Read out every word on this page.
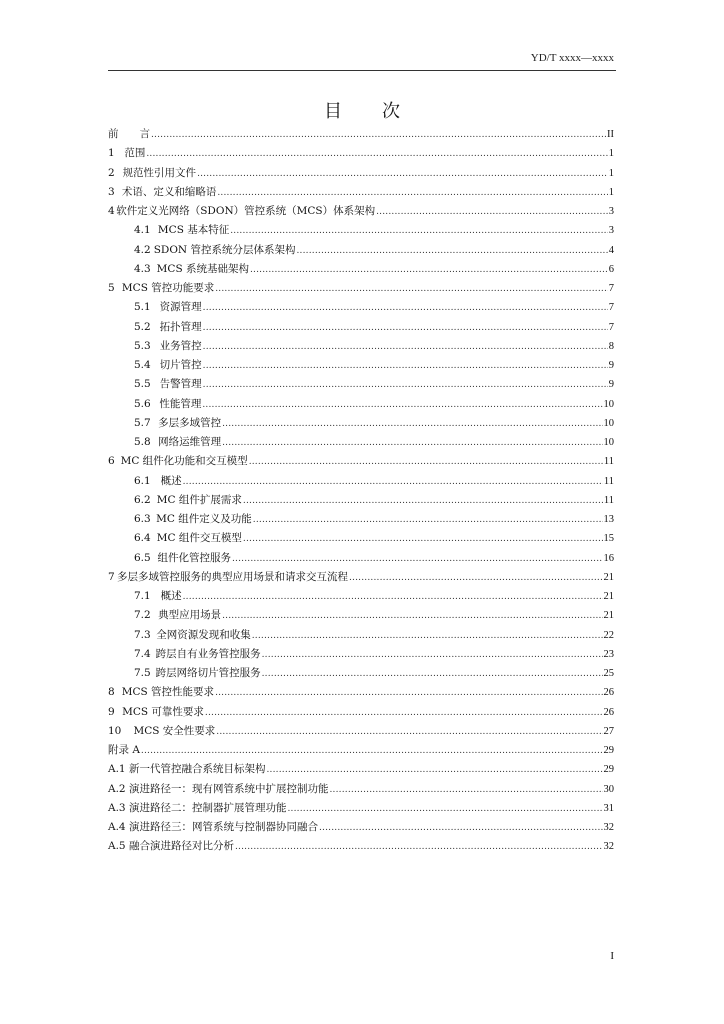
YD/T xxxx—xxxx
目次
前　　言 .....	II
1 范围 .....	1
2 规范性引用文件 .....	1
3 术语、定义和缩略语 .....	1
4 软件定义光网络（SDON）管控系统（MCS）体系架构 .....	3
4.1 MCS 基本特征 .....	3
4.2 SDON 管控系统分层体系架构 .....	4
4.3 MCS 系统基础架构 .....	6
5 MCS 管控功能要求 .....	7
5.1 资源管理 .....	7
5.2 拓扑管理 .....	7
5.3 业务管控 .....	8
5.4 切片管控 .....	9
5.5 告警管理 .....	9
5.6 性能管理 .....	10
5.7 多层多域管控 .....	10
5.8 网络运维管理 .....	10
6 MC 组件化功能和交互模型 .....	11
6.1 概述 .....	11
6.2 MC 组件扩展需求 .....	11
6.3 MC 组件定义及功能 .....	13
6.4 MC 组件交互模型 .....	15
6.5 组件化管控服务 .....	16
7 多层多域管控服务的典型应用场景和请求交互流程 .....	21
7.1 概述 .....	21
7.2 典型应用场景 .....	21
7.3 全网资源发现和收集 .....	22
7.4 跨层自有业务管控服务 .....	23
7.5 跨层网络切片管控服务 .....	25
8 MCS 管控性能要求 .....	26
9 MCS 可靠性要求 .....	26
10	MCS 安全性要求 .....	27
附录 A .....	29
A.1 新一代管控融合系统目标架构 .....	29
A.2 演进路径一：现有网管系统中扩展控制功能 .....	30
A.3 演进路径二：控制器扩展管理功能 .....	31
A.4 演进路径三：网管系统与控制器协同融合 .....	32
A.5 融合演进路径对比分析 .....	32
I
